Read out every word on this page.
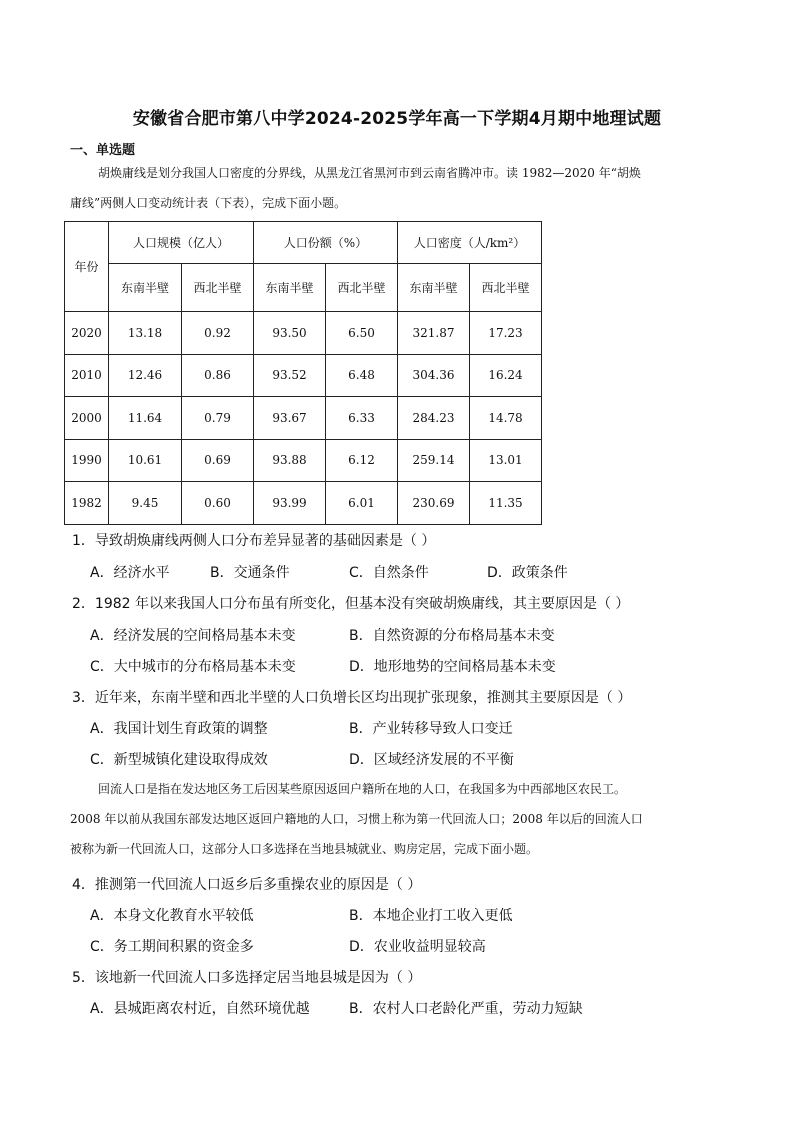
安徽省合肥市第八中学2024-2025学年高一下学期4月期中地理试题
一、单选题
胡焕庸线是划分我国人口密度的分界线，从黑龙江省黑河市到云南省腾冲市。读 1982—2020 年“胡焕
庸线”两侧人口变动统计表（下表），完成下面小题。
年份	人口规模（亿人）		人口份额（%）		人口密度（人/km²）	
	东南半壁	西北半壁	东南半壁	西北半壁	东南半壁	西北半壁
2020	13.18	0.92	93.50	6.50	321.87	17.23
2010	12.46	0.86	93.52	6.48	304.36	16.24
2000	11.64	0.79	93.67	6.33	284.23	14.78
1990	10.61	0.69	93.88	6.12	259.14	13.01
1982	9.45	0.60	93.99	6.01	230.69	11.35
1．导致胡焕庸线两侧人口分布差异显著的基础因素是（ ）
A．经济水平	B．交通条件	C．自然条件	D．政策条件
2．1982 年以来我国人口分布虽有所变化，但基本没有突破胡焕庸线，其主要原因是（ ）
A．经济发展的空间格局基本未变	B．自然资源的分布格局基本未变
C．大中城市的分布格局基本未变	D．地形地势的空间格局基本未变
3．近年来，东南半壁和西北半壁的人口负增长区均出现扩张现象，推测其主要原因是（ ）
A．我国计划生育政策的调整	B．产业转移导致人口变迁
C．新型城镇化建设取得成效	D．区域经济发展的不平衡
回流人口是指在发达地区务工后因某些原因返回户籍所在地的人口，在我国多为中西部地区农民工。
2008 年以前从我国东部发达地区返回户籍地的人口，习惯上称为第一代回流人口；2008 年以后的回流人口
被称为新一代回流人口，这部分人口多选择在当地县城就业、购房定居，完成下面小题。
4．推测第一代回流人口返乡后多重操农业的原因是（ ）
A．本身文化教育水平较低	B．本地企业打工收入更低
C．务工期间积累的资金多	D．农业收益明显较高
5．该地新一代回流人口多选择定居当地县城是因为（ ）
A．县城距离农村近，自然环境优越	B．农村人口老龄化严重，劳动力短缺
